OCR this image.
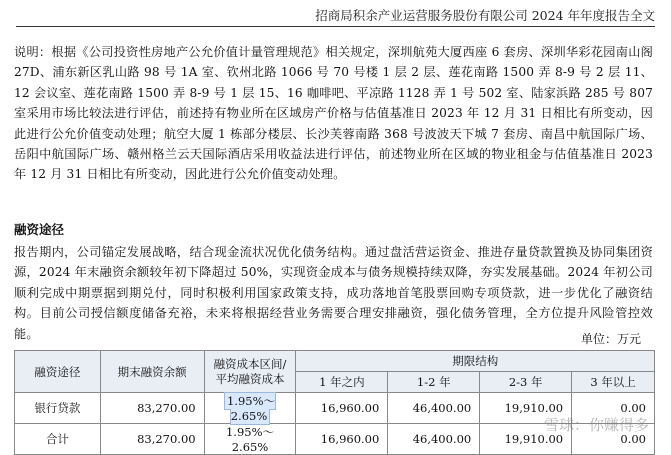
招商局积余产业运营服务股份有限公司 2024 年年度报告全文
说明：根据《公司投资性房地产公允价值计量管理规范》相关规定，深圳航苑大厦西座 6 套房、深圳华彩花园南山阁 27D、浦东新区乳山路 98 号 1A 室、钦州北路 1066 号 70 号楼 1 层 2 层、莲花南路 1500 弄 8-9 号 2 层 11、12 会议室、莲花南路 1500 弄 8-9 号 1 层 15、16 咖啡吧、平凉路 1128 弄 1 号 502 室、陆家浜路 285 号 807 室采用市场比较法进行评估，前述持有物业所在区域房产价格与估值基准日 2023 年 12 月 31 日相比有所变动，因此进行公允价值变动处理；航空大厦 1 栋部分楼层、长沙芙蓉南路 368 号波波天下城 7 套房、南昌中航国际广场、岳阳中航国际广场、赣州格兰云天国际酒店采用收益法进行评估，前述物业所在区域的物业租金与估值基准日 2023 年 12 月 31 日相比有所变动，因此进行公允价值变动处理。
融资途径
报告期内，公司锚定发展战略，结合现金流状况优化债务结构。通过盘活营运资金、推进存量贷款置换及协同集团资源，2024 年末融资余额较年初下降超过 50%，实现资金成本与债务规模持续双降，夯实发展基础。2024 年初公司顺利完成中期票据到期兑付，同时积极利用国家政策支持，成功落地首笔股票回购专项贷款，进一步优化了融资结构。目前公司授信额度储备充裕，未来将根据经营业务需要合理安排融资，强化债务管理，全方位提升风险管控效能。	单位：万元
融资途径	期末融资余额	融资成本区间/平均融资成本	期限结构			
			1 年之内	1-2 年	2-3 年	3 年以上
银行贷款	83,270.00	1.95%～2.65%	16,960.00	46,400.00	19,910.00	0.00
合计	83,270.00	1.95%～2.65%	16,960.00	46,400.00	19,910.00	0.00
雪球：你赚得多
